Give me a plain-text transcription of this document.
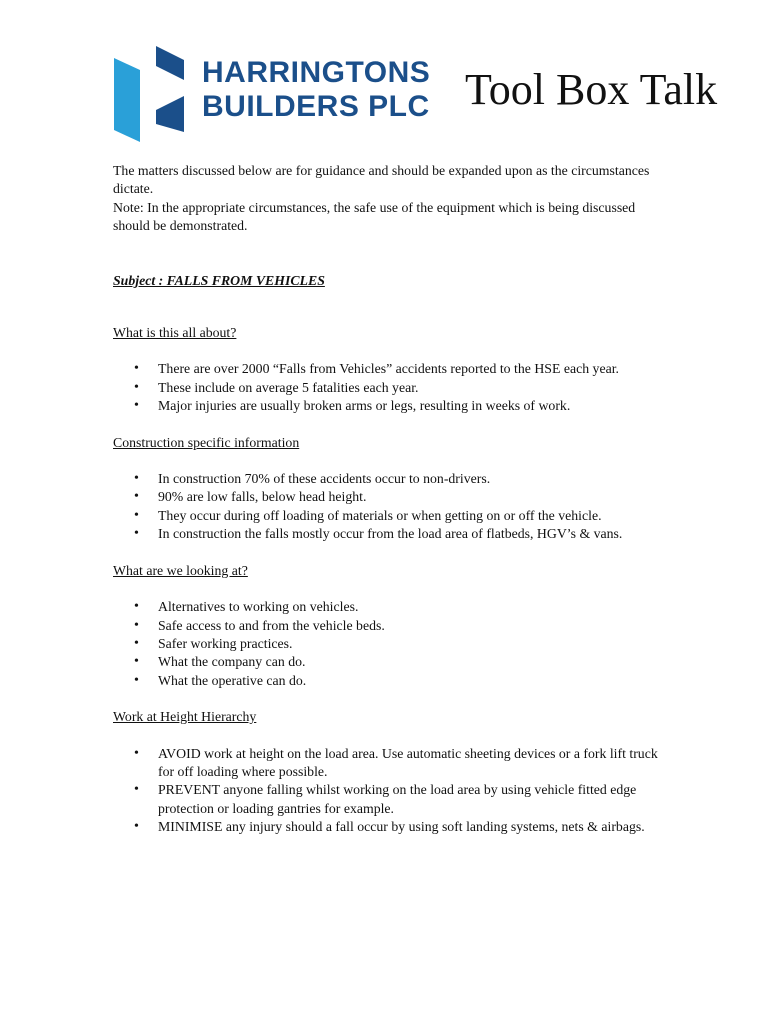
HARRINGTONS
BUILDERS PLC Tool Box Talk

The matters discussed below are for guidance and should be expanded upon as the circumstances dictate.

Note: In the appropriate circumstances, the safe use of the equipment which is being discussed should be demonstrated.

Subject : FALLS FROM VEHICLES

What is this all about?

• There are over 2000 “Falls from Vehicles” accidents reported to the HSE each year.
• These include on average 5 fatalities each year.
• Major injuries are usually broken arms or legs, resulting in weeks of work.

Construction specific information

• In construction 70% of these accidents occur to non-drivers.
• 90% are low falls, below head height.
• They occur during off loading of materials or when getting on or off the vehicle.
• In construction the falls mostly occur from the load area of flatbeds, HGV’s & vans.

What are we looking at?

• Alternatives to working on vehicles.
• Safe access to and from the vehicle beds.
• Safer working practices.
• What the company can do.
• What the operative can do.

Work at Height Hierarchy

• AVOID work at height on the load area. Use automatic sheeting devices or a fork lift truck for off loading where possible.
• PREVENT anyone falling whilst working on the load area by using vehicle fitted edge protection or loading gantries for example.
• MINIMISE any injury should a fall occur by using soft landing systems, nets & airbags.
